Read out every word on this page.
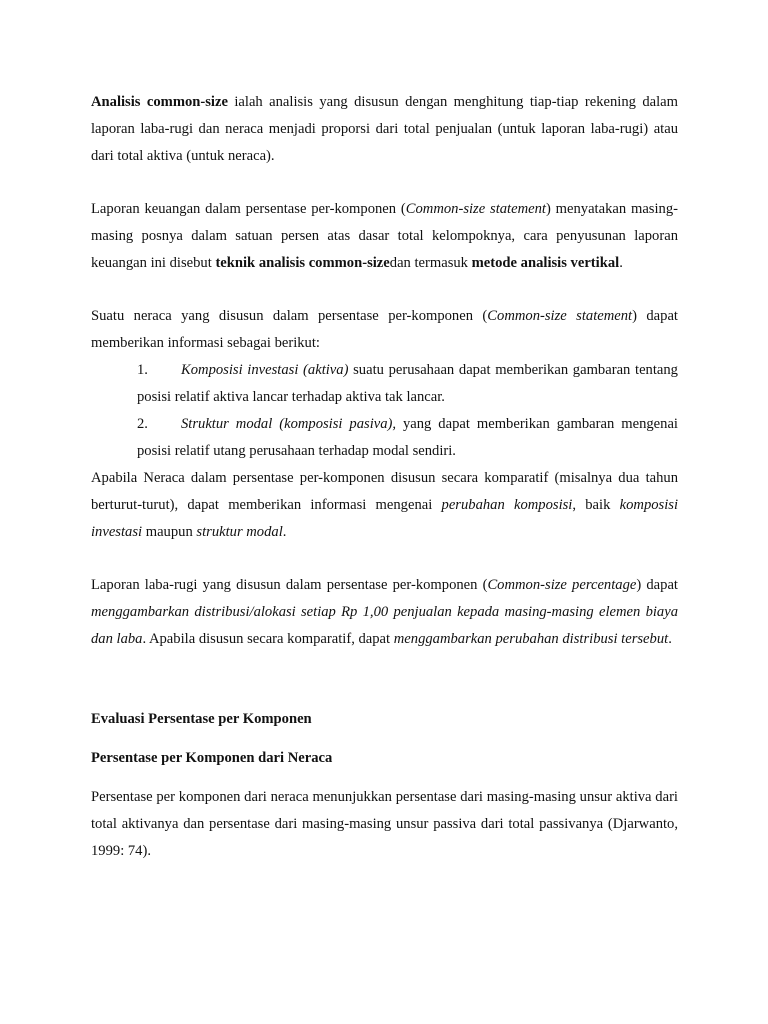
Analisis common-size ialah analisis yang disusun dengan menghitung tiap-tiap rekening dalam laporan laba-rugi dan neraca menjadi proporsi dari total penjualan (untuk laporan laba-rugi) atau dari total aktiva (untuk neraca).

Laporan keuangan dalam persentase per-komponen (Common-size statement) menyatakan masing-masing posnya dalam satuan persen atas dasar total kelompoknya, cara penyusunan laporan keuangan ini disebut teknik analisis common-sizedan termasuk metode analisis vertikal.

Suatu neraca yang disusun dalam persentase per-komponen (Common-size statement) dapat memberikan informasi sebagai berikut:

1. Komposisi investasi (aktiva) suatu perusahaan dapat memberikan gambaran tentang posisi relatif aktiva lancar terhadap aktiva tak lancar.

2. Struktur modal (komposisi pasiva), yang dapat memberikan gambaran mengenai posisi relatif utang perusahaan terhadap modal sendiri.

Apabila Neraca dalam persentase per-komponen disusun secara komparatif (misalnya dua tahun berturut-turut), dapat memberikan informasi mengenai perubahan komposisi, baik komposisi investasi maupun struktur modal.

Laporan laba-rugi yang disusun dalam persentase per-komponen (Common-size percentage) dapat menggambarkan distribusi/alokasi setiap Rp 1,00 penjualan kepada masing-masing elemen biaya dan laba. Apabila disusun secara komparatif, dapat menggambarkan perubahan distribusi tersebut.

Evaluasi Persentase per Komponen

Persentase per Komponen dari Neraca

Persentase per komponen dari neraca menunjukkan persentase dari masing-masing unsur aktiva dari total aktivanya dan persentase dari masing-masing unsur passiva dari total passivanya (Djarwanto, 1999: 74).
